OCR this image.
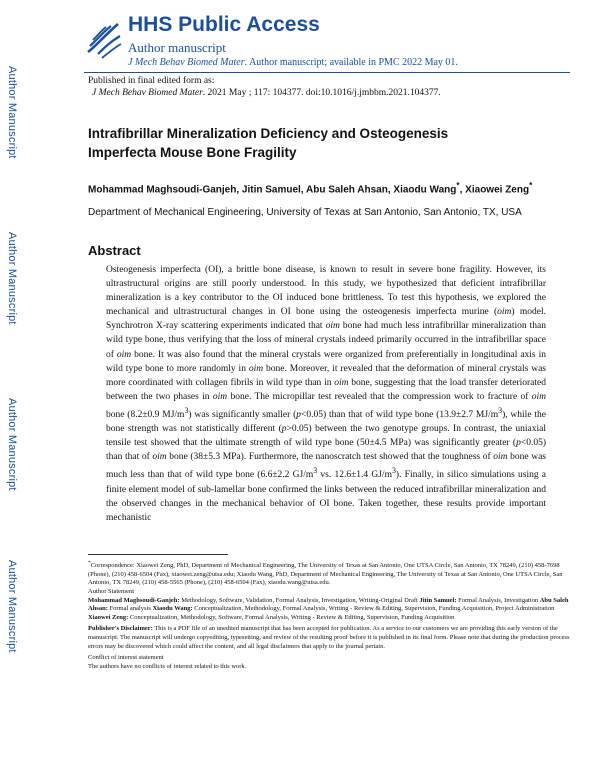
Author Manuscript
Author Manuscript
Author Manuscript
Author Manuscript
HHS Public Access
Author manuscript
J Mech Behav Biomed Mater. Author manuscript; available in PMC 2022 May 01.
Published in final edited form as:
J Mech Behav Biomed Mater. 2021 May ; 117: 104377. doi:10.1016/j.jmbbm.2021.104377.
Intrafibrillar Mineralization Deficiency and Osteogenesis Imperfecta Mouse Bone Fragility
Mohammad Maghsoudi-Ganjeh, Jitin Samuel, Abu Saleh Ahsan, Xiaodu Wang*, Xiaowei Zeng*
Department of Mechanical Engineering, University of Texas at San Antonio, San Antonio, TX, USA
Abstract
Osteogenesis imperfecta (OI), a brittle bone disease, is known to result in severe bone fragility. However, its ultrastructural origins are still poorly understood. In this study, we hypothesized that deficient intrafibrillar mineralization is a key contributor to the OI induced bone brittleness. To test this hypothesis, we explored the mechanical and ultrastructural changes in OI bone using the osteogenesis imperfecta murine (oim) model. Synchrotron X-ray scattering experiments indicated that oim bone had much less intrafibrillar mineralization than wild type bone, thus verifying that the loss of mineral crystals indeed primarily occurred in the intrafibrillar space of oim bone. It was also found that the mineral crystals were organized from preferentially in longitudinal axis in wild type bone to more randomly in oim bone. Moreover, it revealed that the deformation of mineral crystals was more coordinated with collagen fibrils in wild type than in oim bone, suggesting that the load transfer deteriorated between the two phases in oim bone. The micropillar test revealed that the compression work to fracture of oim bone (8.2±0.9 $MJ/m^3$) was significantly smaller (p<0.05) than that of wild type bone (13.9±2.7 $MJ/m^3$), while the bone strength was not statistically different (p>0.05) between the two genotype groups. In contrast, the uniaxial tensile test showed that the ultimate strength of wild type bone (50±4.5 MPa) was significantly greater (p<0.05) than that of oim bone (38±5.3 MPa). Furthermore, the nanoscratch test showed that the toughness of oim bone was much less than that of wild type bone (6.6±2.2 $GJ/m^3$ vs. 12.6±1.4 $GJ/m^3$). Finally, in silico simulations using a finite element model of sub-lamellar bone confirmed the links between the reduced intrafibrillar mineralization and the observed changes in the mechanical behavior of OI bone. Taken together, these results provide important mechanistic

*Correspondence: Xiaowei Zeng, PhD, Department of Mechanical Engineering, The University of Texas at San Antonio, One UTSA Circle, San Antonio, TX 78249, (210) 458-7698 (Phone), (210) 458-6504 (Fax), xiaowei.zeng@utsa.edu; Xiaodu Wang, PhD, Department of Mechanical Engineering, The University of Texas at San Antonio, One UTSA Circle, San Antonio, TX 78249, (210) 458-5565 (Phone), (210) 458-6504 (Fax), xiaodu.wang@utsa.edu.

Author Statement

Mohammad Maghsoudi-Ganjeh: Methodology, Software, Validation, Formal Analysis, Investigation, Writing-Original Draft Jitin Samuel: Formal Analysis, Investigation Abu Saleh Ahsan: Formal analysis Xiaodu Wang: Conceptualization, Methodology, Formal Analysis, Writing - Review & Editing, Supervision, Funding Acquisition, Project Administration Xiaowei Zeng: Conceptualization, Methodology, Software, Formal Analysis, Writing - Review & Editing, Supervision, Funding Acquisition

Publisher's Disclaimer: This is a PDF file of an unedited manuscript that has been accepted for publication. As a service to our customers we are providing this early version of the manuscript. The manuscript will undergo copyediting, typesetting, and review of the resulting proof before it is published in its final form. Please note that during the production process errors may be discovered which could affect the content, and all legal disclaimers that apply to the journal pertain.

Conflict of interest statement

The authors have no conflicts of interest related to this work.
